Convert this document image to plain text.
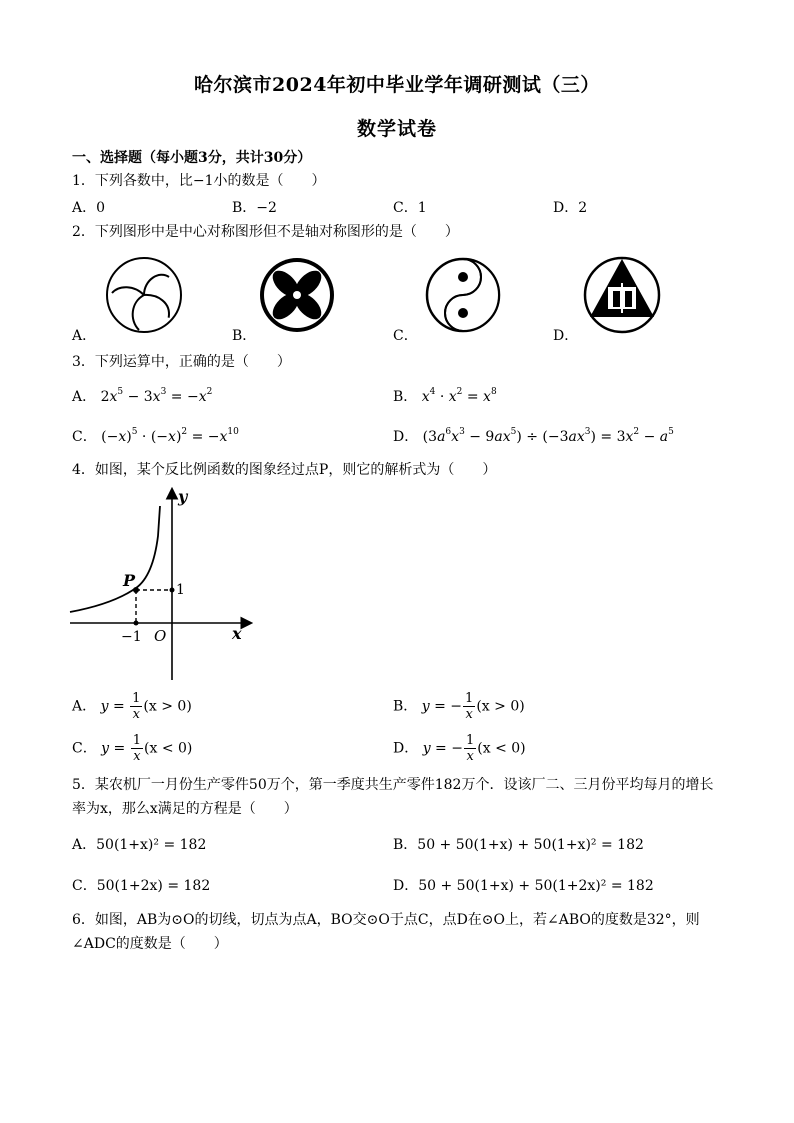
哈尔滨市2024年初中毕业学年调研测试（三）
数学试卷
一、选择题（每小题3分，共计30分）
1．下列各数中，比−1小的数是（　　）
A．0	B．−2	C．1	D．2
2．下列图形中是中心对称图形但不是轴对称图形的是（　　）
A．	B．	C．	D．
3．下列运算中，正确的是（　　）
A． $2x^5 - 3x^3 = -x^2$	B． $x^4 \cdot x^2 = x^8$
C． $(-x)^5 \cdot (-x)^2 = -x^{10}$	D． $(3a^6x^3 - 9ax^5) \div (-3ax^3) = 3x^2 - a^5$
4．如图，某个反比例函数的图象经过点P，则它的解析式为（　　）
P	1
−1 O	x
y
A． $y = \frac{1}{x} (x > 0)$	B． y = − $\frac{1}{x} (x > 0)$
C． $y = \frac{1}{x} (x < 0)$	D． y = − $\frac{1}{x} (x < 0)$
5．某农机厂一月份生产零件50万个，第一季度共生产零件182万个．设该厂二、三月份平均每月的增长
率为x，那么x满足的方程是（　　）
A．50(1+x)² = 182	B．50 + 50(1+x) + 50(1+x)² = 182
C．50(1+2x) = 182	D．50 + 50(1+x) + 50(1+2x)² = 182
6．如图，AB为⊙O的切线，切点为点A，BO交⊙O于点C，点D在⊙O上，若∠ABO的度数是32°，则
∠ADC的度数是（　　）
